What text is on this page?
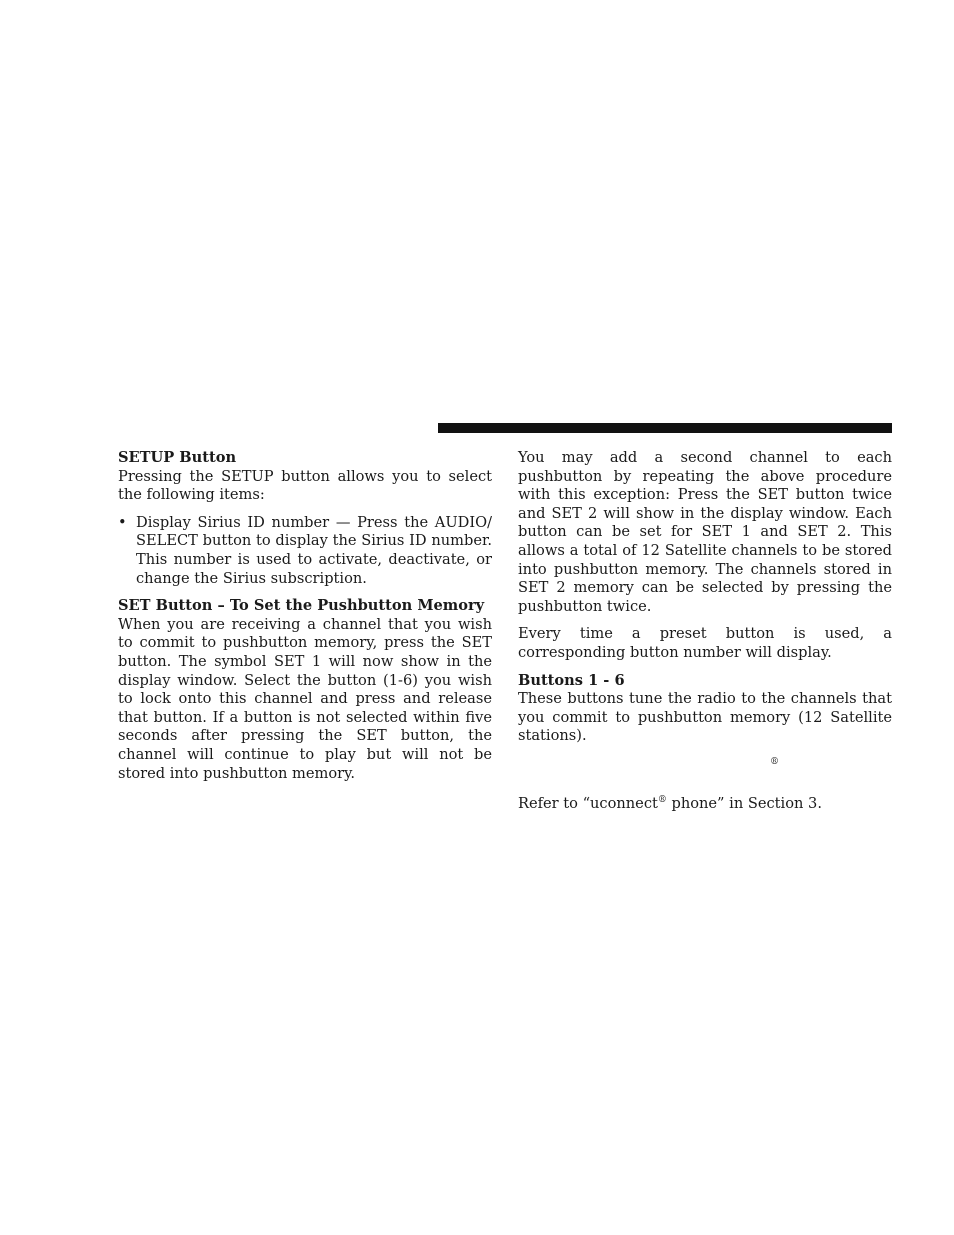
SETUP Button

Pressing the SETUP button allows you to select the following items:

• Display Sirius ID number — Press the AUDIO/ SELECT button to display the Sirius ID number. This number is used to activate, deactivate, or change the Sirius subscription.
SET Button – To Set the Pushbutton Memory

When you are receiving a channel that you wish to commit to pushbutton memory, press the SET button. The symbol SET 1 will now show in the display window. Select the button (1-6) you wish to lock onto this channel and press and release that button. If a button is not selected within five seconds after pressing the SET button, the channel will continue to play but will not be stored into pushbutton memory.

You may add a second channel to each pushbutton by repeating the above procedure with this exception: Press the SET button twice and SET 2 will show in the display window. Each button can be set for SET 1 and SET 2. This allows a total of 12 Satellite channels to be stored into pushbutton memory. The channels stored in SET 2 memory can be selected by pressing the pushbutton twice.

Every time a preset button is used, a corresponding button number will display.

Buttons 1 - 6

These buttons tune the radio to the channels that you commit to pushbutton memory (12 Satellite stations).

®

Refer to “uconnect® phone” in Section 3.
